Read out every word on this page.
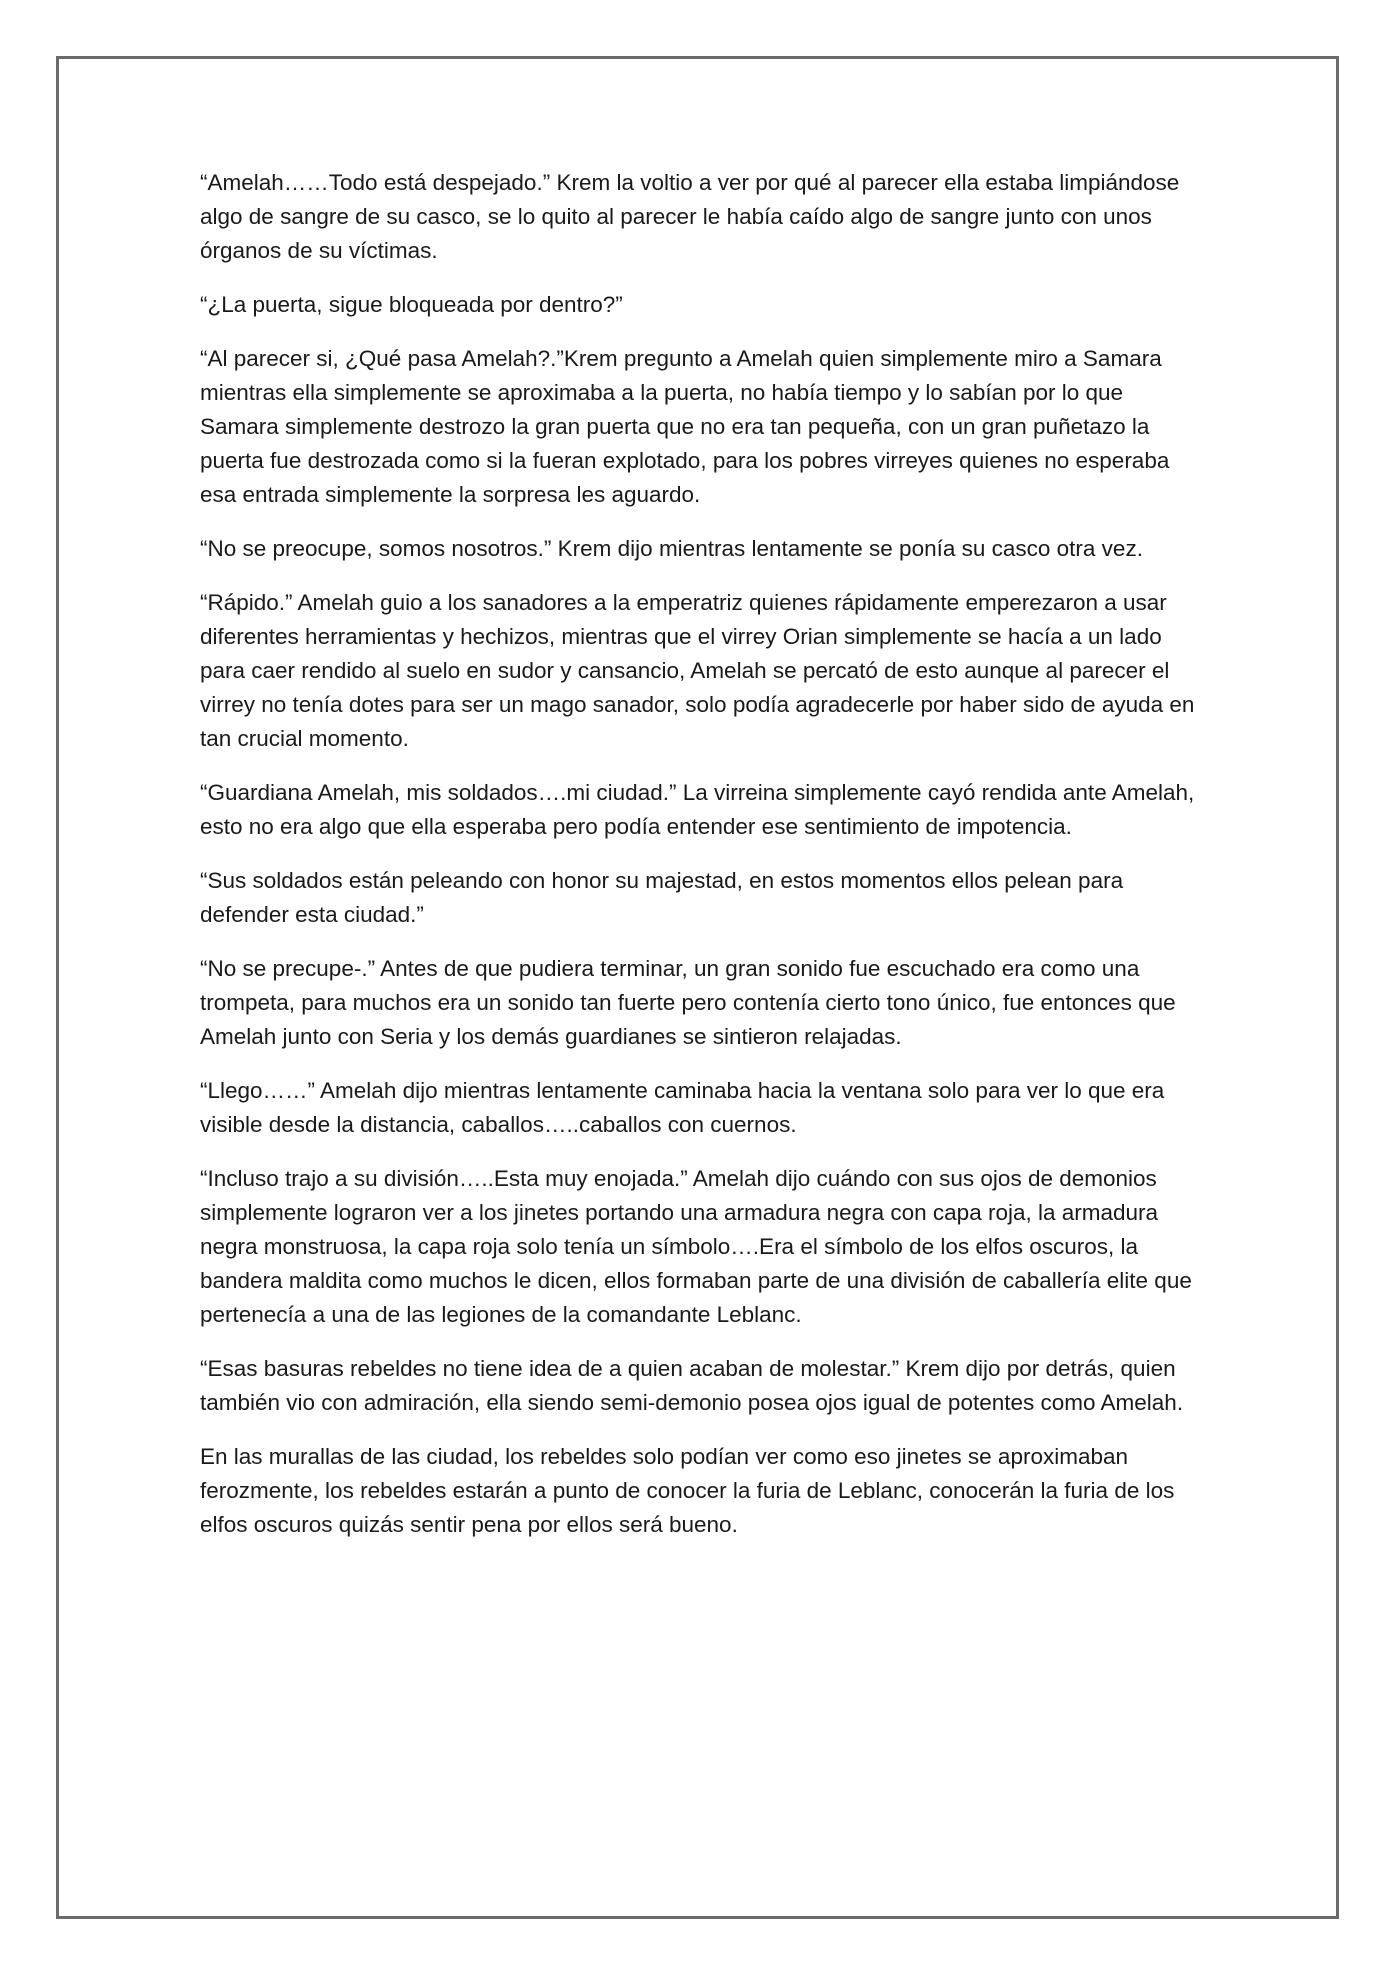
“Amelah……Todo está despejado.” Krem la voltio a ver por qué al parecer ella estaba limpiándose algo de sangre de su casco, se lo quito al parecer le había caído algo de sangre junto con unos órganos de su víctimas.

“¿La puerta, sigue bloqueada por dentro?”

“Al parecer si, ¿Qué pasa Amelah?.”Krem pregunto a Amelah quien simplemente miro a Samara mientras ella simplemente se aproximaba a la puerta, no había tiempo y lo sabían por lo que Samara simplemente destrozo la gran puerta que no era tan pequeña, con un gran puñetazo la puerta fue destrozada como si la fueran explotado, para los pobres virreyes quienes no esperaba esa entrada simplemente la sorpresa les aguardo.

“No se preocupe, somos nosotros.” Krem dijo mientras lentamente se ponía su casco otra vez.

“Rápido.” Amelah guio a los sanadores a la emperatriz quienes rápidamente emperezaron a usar diferentes herramientas y hechizos, mientras que el virrey Orian simplemente se hacía a un lado para caer rendido al suelo en sudor y cansancio, Amelah se percató de esto aunque al parecer el virrey no tenía dotes para ser un mago sanador, solo podía agradecerle por haber sido de ayuda en tan crucial momento.

“Guardiana Amelah, mis soldados….mi ciudad.” La virreina simplemente cayó rendida ante Amelah, esto no era algo que ella esperaba pero podía entender ese sentimiento de impotencia.

“Sus soldados están peleando con honor su majestad, en estos momentos ellos pelean para defender esta ciudad.”

“No se precupe-.” Antes de que pudiera terminar, un gran sonido fue escuchado era como una trompeta, para muchos era un sonido tan fuerte pero contenía cierto tono único, fue entonces que Amelah junto con Seria y los demás guardianes se sintieron relajadas.

“Llego……” Amelah dijo mientras lentamente caminaba hacia la ventana solo para ver lo que era visible desde la distancia, caballos…..caballos con cuernos.

“Incluso trajo a su división…..Esta muy enojada.” Amelah dijo cuándo con sus ojos de demonios simplemente lograron ver a los jinetes portando una armadura negra con capa roja, la armadura negra monstruosa, la capa roja solo tenía un símbolo….Era el símbolo de los elfos oscuros, la bandera maldita como muchos le dicen, ellos formaban parte de una división de caballería elite que pertenecía a una de las legiones de la comandante Leblanc.

“Esas basuras rebeldes no tiene idea de a quien acaban de molestar.” Krem dijo por detrás, quien también vio con admiración, ella siendo semi-demonio posea ojos igual de potentes como Amelah.

En las murallas de las ciudad, los rebeldes solo podían ver como eso jinetes se aproximaban ferozmente, los rebeldes estarán a punto de conocer la furia de Leblanc, conocerán la furia de los elfos oscuros quizás sentir pena por ellos será bueno.
